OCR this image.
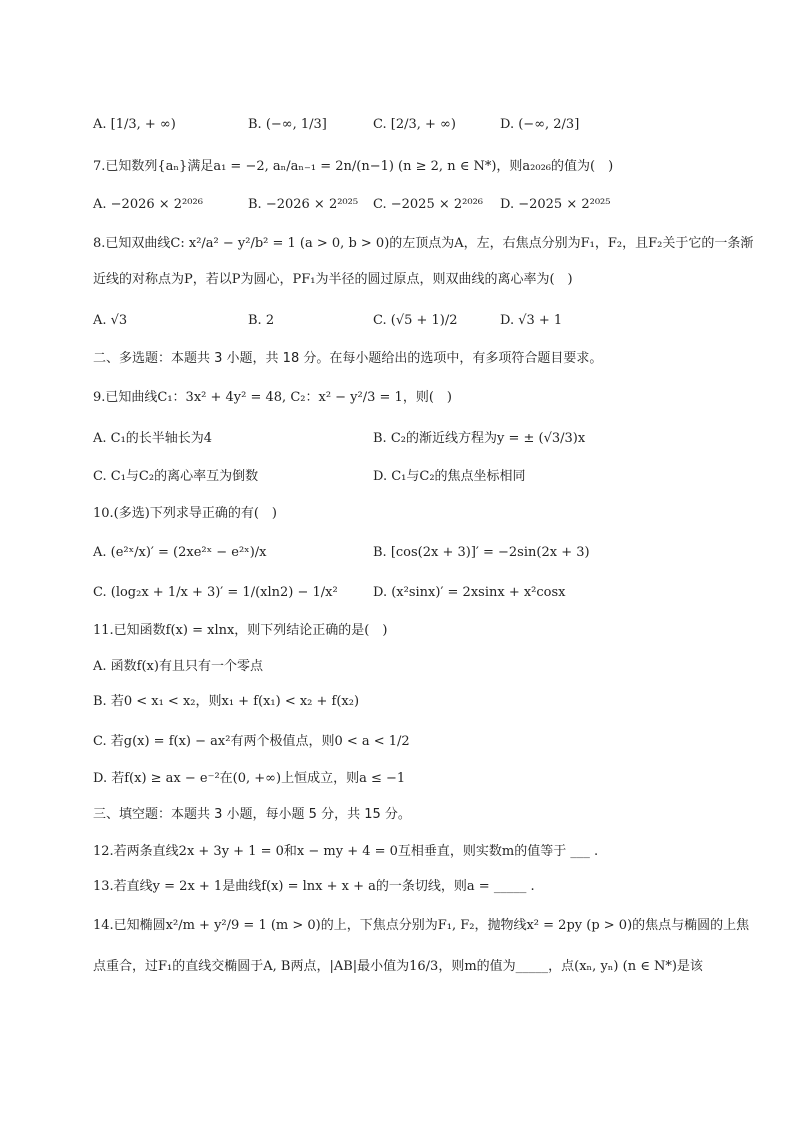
A. [1/3, + ∞)	B. (−∞, 1/3]	C. [2/3, + ∞)	D. (−∞, 2/3]
7.已知数列{aₙ}满足a₁ = −2, aₙ/aₙ₋₁ = 2n/(n−1) (n ≥ 2, n ∈ N*)，则a₂₀₂₆的值为(　)
A. −2026 × 2²⁰²⁶	B. −2026 × 2²⁰²⁵ C. −2025 × 2²⁰²⁶ D. −2025 × 2²⁰²⁵
8.已知双曲线C: x²/a² − y²/b² = 1 (a > 0, b > 0)的左顶点为A，左，右焦点分别为F₁，F₂，且F₂关于它的一条渐
近线的对称点为P，若以P为圆心，PF₁为半径的圆过原点，则双曲线的离心率为(　)
A. √3	B. 2	C. (√5 + 1)/2	D. √3 + 1
二、多选题：本题共 3 小题，共 18 分。在每小题给出的选项中，有多项符合题目要求。
9.已知曲线C₁：3x² + 4y² = 48, C₂：x² − y²/3 = 1，则(　)
A. C₁的长半轴长为4	B. C₂的渐近线方程为y = ± (√3/3)x
C. C₁与C₂的离心率互为倒数	D. C₁与C₂的焦点坐标相同
10.(多选)下列求导正确的有(　)
A. (e²ˣ/x)′ = (2xe²ˣ − e²ˣ)/x	B. [cos(2x + 3)]′ = −2sin(2x + 3)
C. (log₂x + 1/x + 3)′ = 1/(xln2) − 1/x²	D. (x²sinx)′ = 2xsinx + x²cosx
11.已知函数f(x) = xlnx，则下列结论正确的是(　)
A. 函数f(x)有且只有一个零点
B. 若0 < x₁ < x₂，则x₁ + f(x₁) < x₂ + f(x₂)
C. 若g(x) = f(x) − ax²有两个极值点，则0 < a < 1/2
D. 若f(x) ≥ ax − e⁻²在(0, +∞)上恒成立，则a ≤ −1
三、填空题：本题共 3 小题，每小题 5 分，共 15 分。
12.若两条直线2x + 3y + 1 = 0和x − my + 4 = 0互相垂直，则实数m的值等于 ___ .
13.若直线y = 2x + 1是曲线f(x) = lnx + x + a的一条切线，则a = _____ .
14.已知椭圆x²/m + y²/9 = 1 (m > 0)的上，下焦点分别为F₁, F₂，抛物线x² = 2py (p > 0)的焦点与椭圆的上焦
点重合，过F₁的直线交椭圆于A, B两点，|AB|最小值为16/3，则m的值为_____，点(xₙ, yₙ) (n ∈ N*)是该
